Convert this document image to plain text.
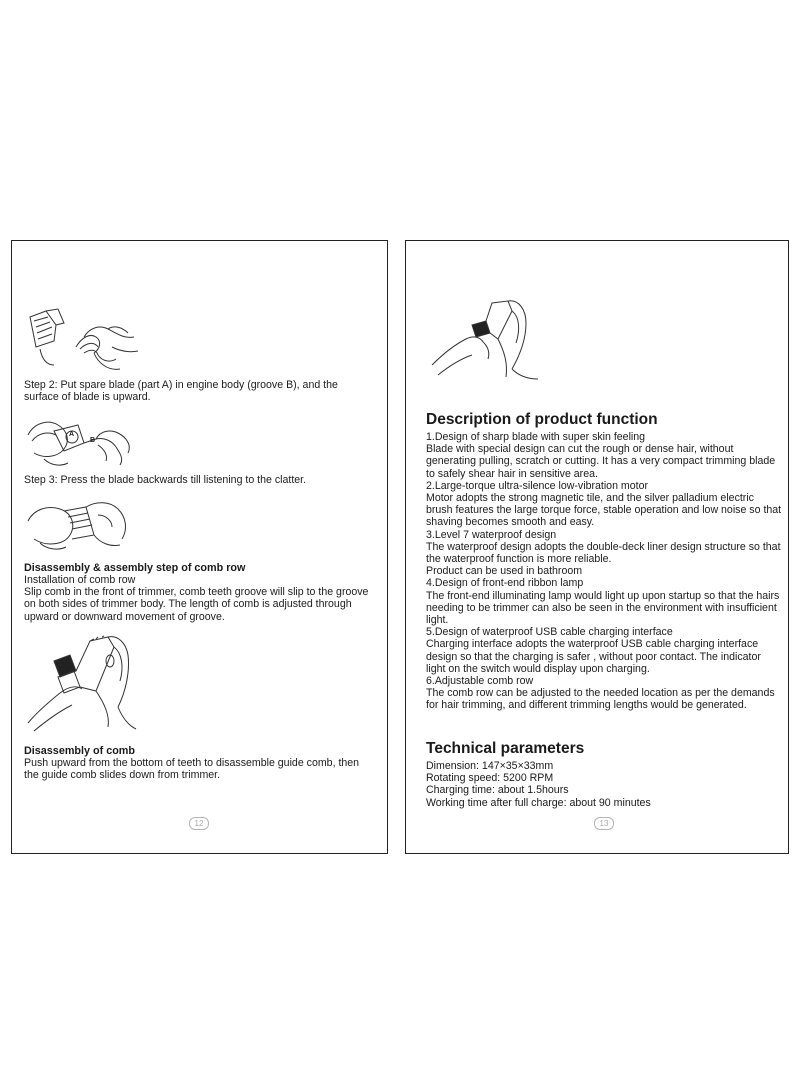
Step 2: Put spare blade (part A) in engine body (groove B), and the surface of blade is upward.

A
B

Step 3: Press the blade backwards till listening to the clatter.

Disassembly & assembly step of comb row

Installation of comb row
Slip comb in the front of trimmer, comb teeth groove will slip to the groove on both sides of trimmer body. The length of comb is adjusted through upward or downward movement of groove.

Disassembly of comb

Push upward from the bottom of teeth to disassemble guide comb, then the guide comb slides down from trimmer.

12

Description of product function

1.Design of sharp blade with super skin feeling
Blade with special design can cut the rough or dense hair, without generating pulling, scratch or cutting. It has a very compact trimming blade to safely shear hair in sensitive area.
2.Large-torque ultra-silence low-vibration motor
Motor adopts the strong magnetic tile, and the silver palladium electric brush features the large torque force, stable operation and low noise so that shaving becomes smooth and easy.
3.Level 7 waterproof design
The waterproof design adopts the double-deck liner design structure so that the waterproof function is more reliable.
Product can be used in bathroom
4.Design of front-end ribbon lamp
The front-end illuminating lamp would light up upon startup so that the hairs needing to be trimmer can also be seen in the environment with insufficient light.
5.Design of waterproof USB cable charging interface
Charging interface adopts the waterproof USB cable charging interface design so that the charging is safer , without poor contact. The indicator light on the switch would display upon charging.
6.Adjustable comb row
The comb row can be adjusted to the needed location as per the demands for hair trimming, and different trimming lengths would be generated.

Technical parameters

Dimension: 147×35×33mm
Rotating speed: 5200 RPM
Charging time: about 1.5hours
Working time after full charge: about 90 minutes
13
